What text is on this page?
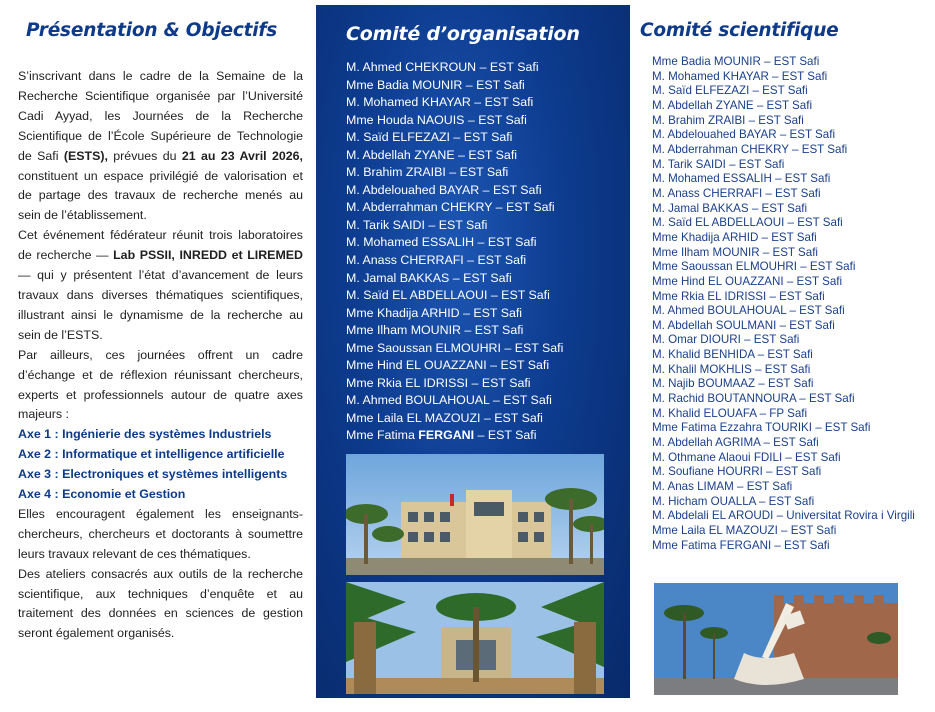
Présentation & Objectifs

S’inscrivant dans le cadre de la Semaine de la Recherche Scientifique organisée par l’Université Cadi Ayyad, les Journées de la Recherche Scientifique de l’École Supérieure de Technologie de Safi (ESTS), prévues du 21 au 23 Avril 2026, constituent un espace privilégié de valorisation et de partage des travaux de recherche menés au sein de l’établissement.

Cet événement fédérateur réunit trois laboratoires de recherche — Lab PSSII, INREDD et LIREMED — qui y présentent l’état d’avancement de leurs travaux dans diverses thématiques scientifiques, illustrant ainsi le dynamisme de la recherche au sein de l’ESTS.

Par ailleurs, ces journées offrent un cadre d’échange et de réflexion réunissant chercheurs, experts et professionnels autour de quatre axes majeurs :

Axe 1 : Ingénierie des systèmes Industriels
Axe 2 : Informatique et intelligence artificielle
Axe 3 : Electroniques et systèmes intelligents
Axe 4 : Economie et Gestion

Elles encouragent également les enseignants-chercheurs, chercheurs et doctorants à soumettre leurs travaux relevant de ces thématiques.

Des ateliers consacrés aux outils de la recherche scientifique, aux techniques d’enquête et au traitement des données en sciences de gestion seront également organisés.

Comité d’organisation
M. Ahmed CHEKROUN – EST Safi
Mme Badia MOUNIR – EST Safi
M. Mohamed KHAYAR – EST Safi
Mme Houda NAOUIS – EST Safi
M. Saïd ELFEZAZI – EST Safi
M. Abdellah ZYANE – EST Safi
M. Brahim ZRAIBI – EST Safi
M. Abdelouahed BAYAR – EST Safi
M. Abderrahman CHEKRY – EST Safi
M. Tarik SAIDI – EST Safi
M. Mohamed ESSALIH – EST Safi
M. Anass CHERRAFI – EST Safi
M. Jamal BAKKAS – EST Safi
M. Saïd EL ABDELLAOUI – EST Safi
Mme Khadija ARHID – EST Safi
Mme Ilham MOUNIR – EST Safi
Mme Saoussan ELMOUHRI – EST Safi
Mme Hind EL OUAZZANI – EST Safi
Mme Rkia EL IDRISSI – EST Safi
M. Ahmed BOULAHOUAL – EST Safi
Mme Laila EL MAZOUZI – EST Safi
Mme Fatima FERGANI – EST Safi
Comité scientifique
Mme Badia MOUNIR – EST Safi
M. Mohamed KHAYAR – EST Safi
M. Saïd ELFEZAZI – EST Safi
M. Abdellah ZYANE – EST Safi
M. Brahim ZRAIBI – EST Safi
M. Abdelouahed BAYAR – EST Safi
M. Abderrahman CHEKRY – EST Safi
M. Tarik SAIDI – EST Safi
M. Mohamed ESSALIH – EST Safi
M. Anass CHERRAFI – EST Safi
M. Jamal BAKKAS – EST Safi
M. Saïd EL ABDELLAOUI – EST Safi
Mme Khadija ARHID – EST Safi
Mme Ilham MOUNIR – EST Safi
Mme Saoussan ELMOUHRI – EST Safi
Mme Hind EL OUAZZANI – EST Safi
Mme Rkia EL IDRISSI – EST Safi
M. Ahmed BOULAHOUAL – EST Safi
M. Abdellah SOULMANI – EST Safi
M. Omar DIOURI – EST Safi
M. Khalid BENHIDA – EST Safi
M. Khalil MOKHLIS – EST Safi
M. Najib BOUMAAZ – EST Safi
M. Rachid BOUTANNOURA – EST Safi
M. Khalid ELOUAFA – FP Safi
Mme Fatima Ezzahra TOURIKI – EST Safi
M. Abdellah AGRIMA – EST Safi
M. Othmane Alaoui FDILI – EST Safi
M. Soufiane HOURRI – EST Safi
M. Anas LIMAM – EST Safi
M. Hicham OUALLA – EST Safi
M. Abdelali EL AROUDI – Universitat Rovira i Virgili
Mme Laila EL MAZOUZI – EST Safi
Mme Fatima FERGANI – EST Safi
